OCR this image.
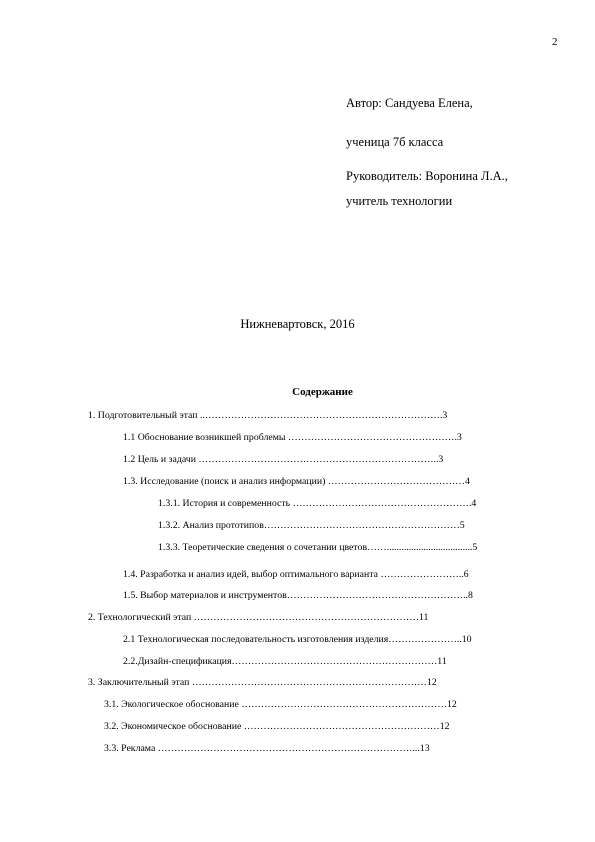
2
Автор: Сандуева Елена,
ученица 7б класса
Руководитель: Воронина Л.А.,
учитель технологии
Нижневартовск, 2016
Содержание
1. Подготовительный этап ..……………………………………………………………….3
1.1 Обоснование возникшей проблемы …………………………………………….3
1.2 Цель и задачи ………………………………………………………………..3
1.3. Исследование (поиск и анализ информации) ……………………………………4
1.3.1. История и современность ……………………………………………….4
1.3.2. Анализ прототипов……………………………………………………5
1.3.3. Теоретические сведения о сочетании цветов……...................................5
1.4. Разработка и анализ идей, выбор оптимального варианта ……………………..6
1.5. Выбор материалов и инструментов………………………………………………..8
2. Технологический этап ……………………………………………………………11
2.1 Технологическая последовательность изготовления изделия…………………..10
2.2.Дизайн-спецификация………………………………………………………11
3. Заключительный этап ………………………………………………………………12
3.1. Экологическое обоснование ………………………………………………………12
3.2. Экономическое обоснование ……………………………………………………12
3.3. Реклама ……………………………………………………………………...13
